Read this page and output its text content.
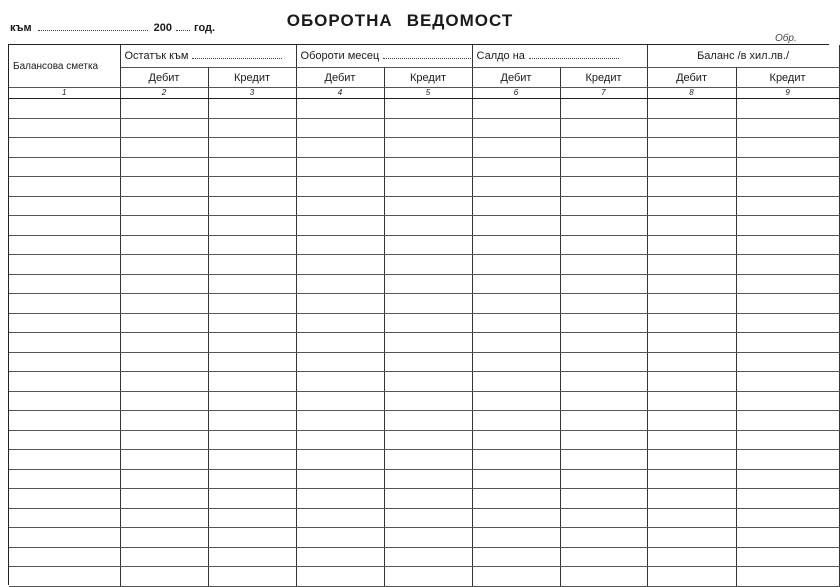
към	200 год.	ОБОРОТНА ВЕДОМОСТ
Обр.
Балансова сметка	Остатък към		Обороти месец		Салдо на		Баланс /в хил.лв./	
	Дебит	Кредит	Дебит	Кредит	Дебит	Кредит	Дебит	Кредит
1	2	3	4	5	6	7	8	9
